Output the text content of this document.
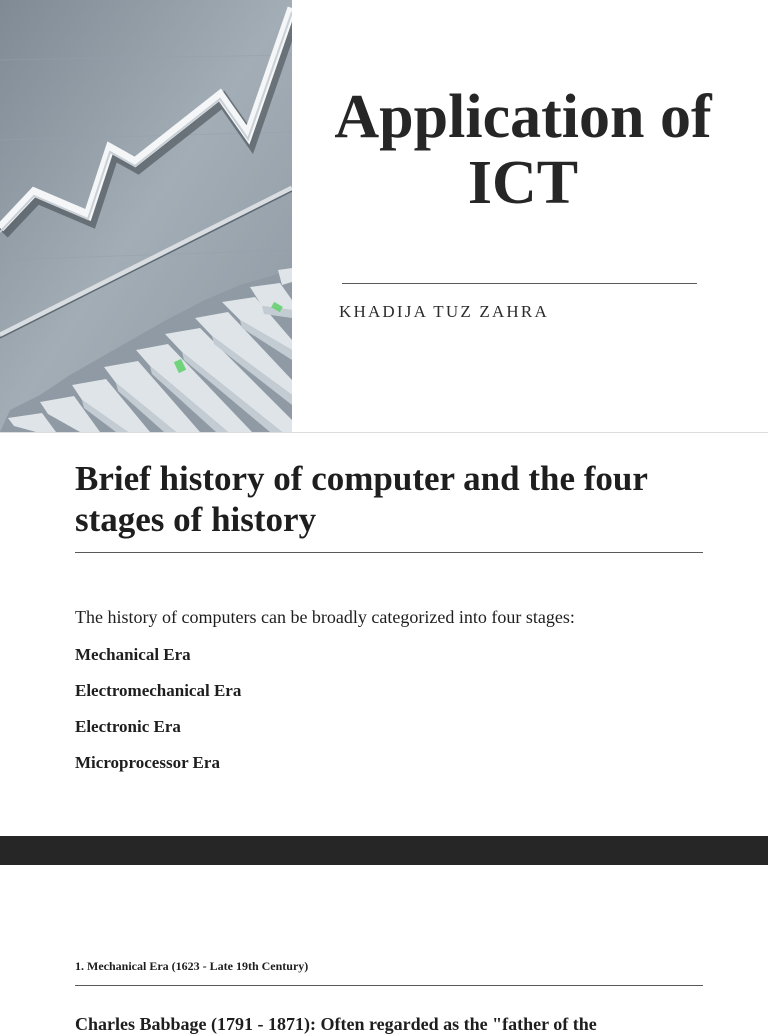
Application of
ICT
KHADIJA TUZ ZAHRA
Brief history of computer and the four stages of history
The history of computers can be broadly categorized into four stages:
Mechanical Era
Electromechanical Era
Electronic Era
Microprocessor Era
1. Mechanical Era (1623 - Late 19th Century)
Charles Babbage (1791 - 1871): Often regarded as the "father of the
